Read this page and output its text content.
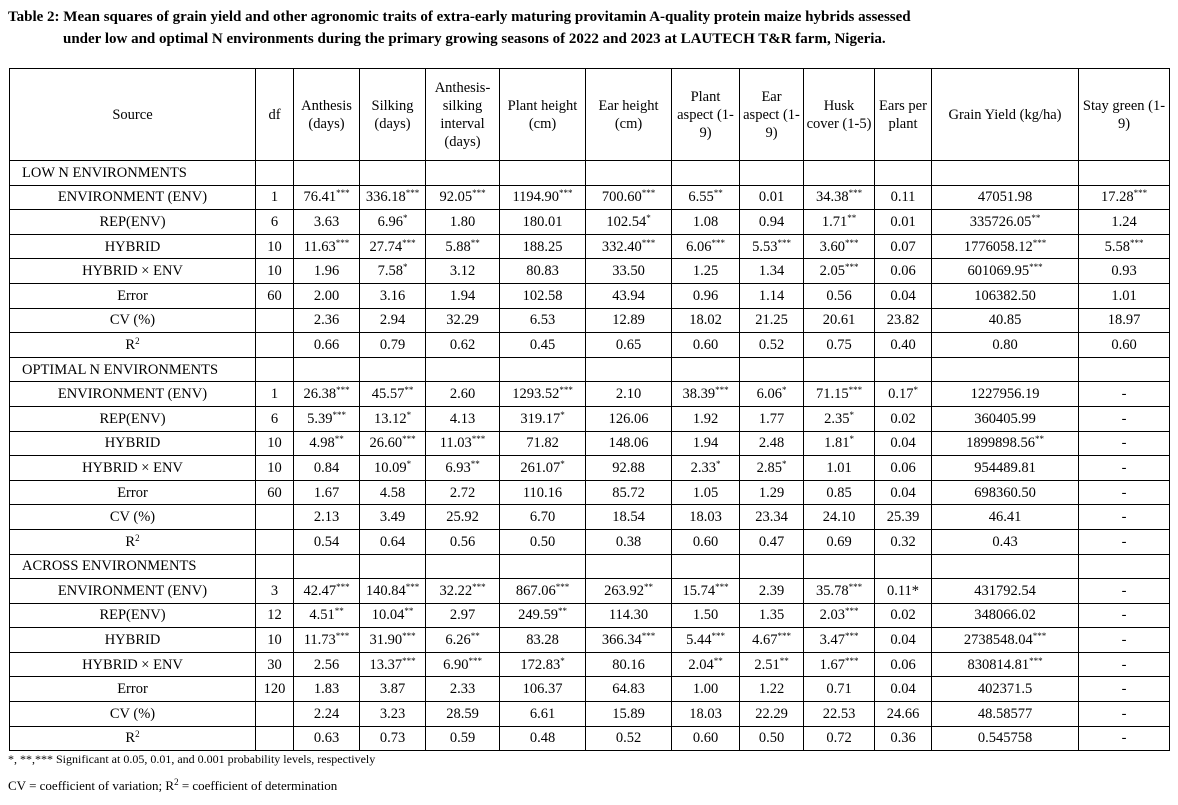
Table 2: Mean squares of grain yield and other agronomic traits of extra-early maturing provitamin A-quality protein maize hybrids assessed
under low and optimal N environments during the primary growing seasons of 2022 and 2023 at LAUTECH T&R farm, Nigeria.
Source	df	Anthesis (days)	Silking (days)	Anthesis-silking interval (days)	Plant height (cm)	Ear height (cm)	Plant aspect (1-9)	Ear aspect (1-9)	Husk cover (1-5)	Ears per plant	Grain Yield (kg/ha)	Stay green (1-9)
LOW N ENVIRONMENTS												
ENVIRONMENT (ENV)	1	76.41***	336.18***	92.05***	1194.90***	700.60***	6.55**	0.01	34.38***	0.11	47051.98	17.28***
REP(ENV)	6	3.63	6.96*	1.80	180.01	102.54*	1.08	0.94	1.71**	0.01	335726.05**	1.24
HYBRID	10	11.63***	27.74***	5.88**	188.25	332.40***	6.06***	5.53***	3.60***	0.07	1776058.12***	5.58***
HYBRID × ENV	10	1.96	7.58*	3.12	80.83	33.50	1.25	1.34	2.05***	0.06	601069.95***	0.93
Error	60	2.00	3.16	1.94	102.58	43.94	0.96	1.14	0.56	0.04	106382.50	1.01
CV (%)		2.36	2.94	32.29	6.53	12.89	18.02	21.25	20.61	23.82	40.85	18.97
$R^2$		0.66	0.79	0.62	0.45	0.65	0.60	0.52	0.75	0.40	0.80	0.60
OPTIMAL N ENVIRONMENTS												
ENVIRONMENT (ENV)	1	26.38***	45.57**	2.60	1293.52***	2.10	38.39***	6.06*	71.15***	0.17*	1227956.19	-
REP(ENV)	6	5.39***	13.12*	4.13	319.17*	126.06	1.92	1.77	2.35*	0.02	360405.99	-
HYBRID	10	4.98**	26.60***	11.03***	71.82	148.06	1.94	2.48	1.81*	0.04	1899898.56**	-
HYBRID × ENV	10	0.84	10.09*	6.93**	261.07*	92.88	2.33*	2.85*	1.01	0.06	954489.81	-
Error	60	1.67	4.58	2.72	110.16	85.72	1.05	1.29	0.85	0.04	698360.50	-
CV (%)		2.13	3.49	25.92	6.70	18.54	18.03	23.34	24.10	25.39	46.41	-
$R^2$		0.54	0.64	0.56	0.50	0.38	0.60	0.47	0.69	0.32	0.43	-
ACROSS ENVIRONMENTS												
ENVIRONMENT (ENV)	3	42.47***	140.84***	32.22***	867.06***	263.92**	15.74***	2.39	35.78***	0.11*	431792.54	-
REP(ENV)	12	4.51**	10.04**	2.97	249.59**	114.30	1.50	1.35	2.03***	0.02	348066.02	-
HYBRID	10	11.73***	31.90***	6.26**	83.28	366.34***	5.44***	4.67***	3.47***	0.04	2738548.04***	-
HYBRID × ENV	30	2.56	13.37***	6.90***	172.83*	80.16	2.04**	2.51**	1.67***	0.06	830814.81***	-
Error	120	1.83	3.87	2.33	106.37	64.83	1.00	1.22	0.71	0.04	402371.5	-
CV (%)		2.24	3.23	28.59	6.61	15.89	18.03	22.29	22.53	24.66	48.58577	-
$R^2$		0.63	0.73	0.59	0.48	0.52	0.60	0.50	0.72	0.36	0.545758	-
*, **,*** Significant at 0.05, 0.01, and 0.001 probability levels, respectively
CV = coefficient of variation; $R^2$ = coefficient of determination
